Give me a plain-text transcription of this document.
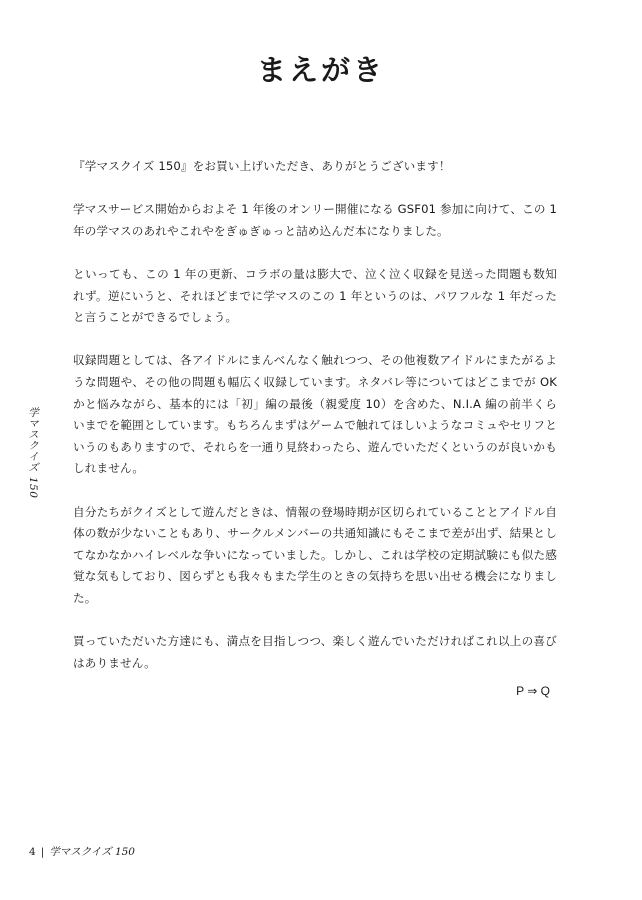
まえがき

『学マスクイズ 150』をお買い上げいただき、ありがとうございます！

学マスサービス開始からおよそ 1 年後のオンリー開催になる GSF01 参加に向けて、この 1 年の学マスのあれやこれやをぎゅぎゅっと詰め込んだ本になりました。

といっても、この 1 年の更新、コラボの量は膨大で、泣く泣く収録を見送った問題も数知れず。逆にいうと、それほどまでに学マスのこの 1 年というのは、パワフルな 1 年だったと言うことができるでしょう。

収録問題としては、各アイドルにまんべんなく触れつつ、その他複数アイドルにまたがるような問題や、その他の問題も幅広く収録しています。ネタバレ等についてはどこまでが OK かと悩みながら、基本的には「初」編の最後（親愛度 10）を含めた、N.I.A 編の前半くらいまでを範囲としています。もちろんまずはゲームで触れてほしいようなコミュやセリフというのもありますので、それらを一通り見終わったら、遊んでいただくというのが良いかもしれません。

自分たちがクイズとして遊んだときは、情報の登場時期が区切られていることとアイドル自体の数が少ないこともあり、サークルメンバーの共通知識にもそこまで差が出ず、結果としてなかなかハイレベルな争いになっていました。しかし、これは学校の定期試験にも似た感覚な気もしており、図らずとも我々もまた学生のときの気持ちを思い出せる機会になりました。

買っていただいた方達にも、満点を目指しつつ、楽しく遊んでいただければこれ以上の喜びはありません。

P ⇒ Q
学マスクイズ 150
4 | 学マスクイズ 150
